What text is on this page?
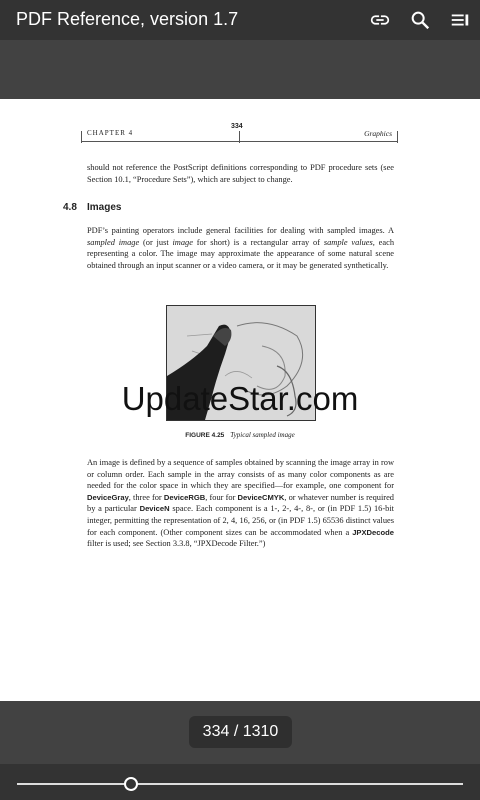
PDF Reference, version 1.7
CHAPTER 4
334
Graphics
should not reference the PostScript definitions corresponding to PDF procedure sets (see Section 10.1, “Procedure Sets”), which are subject to change.
4.8 Images
PDF’s painting operators include general facilities for dealing with sampled images. A sampled image (or just image for short) is a rectangular array of sample values, each representing a color. The image may approximate the appearance of some natural scene obtained through an input scanner or a video camera, or it may be generated synthetically.
FIGURE 4.25 Typical sampled image
An image is defined by a sequence of samples obtained by scanning the image array in row or column order. Each sample in the array consists of as many color components as are needed for the color space in which they are specified—for example, one component for DeviceGray, three for DeviceRGB, four for DeviceCMYK, or whatever number is required by a particular DeviceN space. Each component is a 1-, 2-, 4-, 8-, or (in PDF 1.5) 16-bit integer, permitting the representation of 2, 4, 16, 256, or (in PDF 1.5) 65536 distinct values for each component. (Other component sizes can be accommodated when a JPXDecode filter is used; see Section 3.3.8, “JPXDecode Filter.”)
UpdateStar.com
334 / 1310
